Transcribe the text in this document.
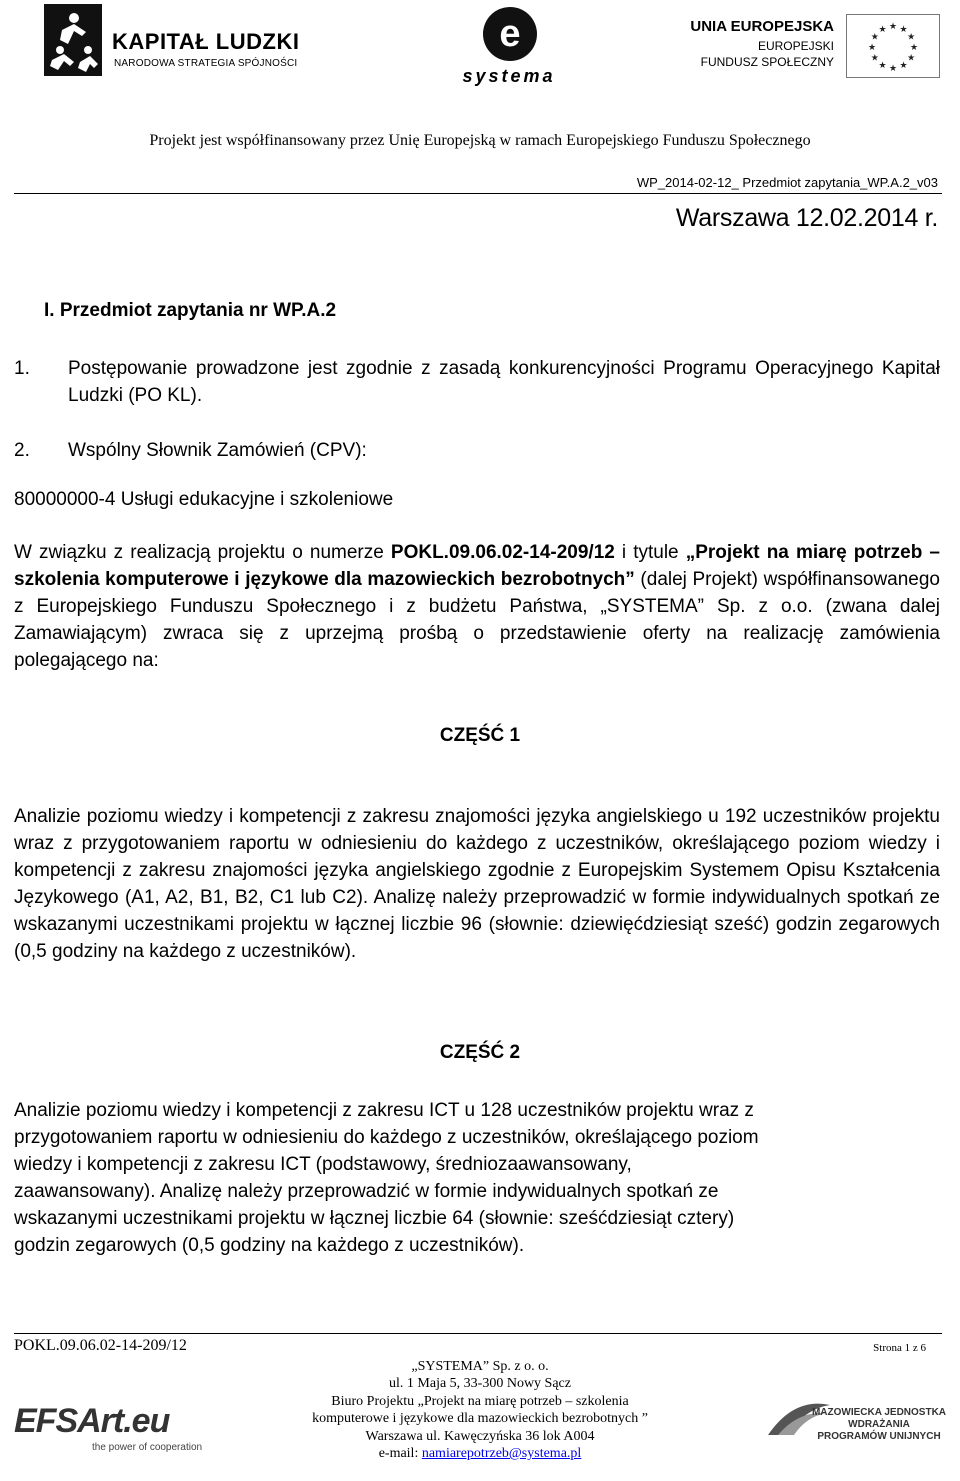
KAPITAŁ LUDZKI
NARODOWA STRATEGIA SPÓJNOŚCI
e
systema
UNIA EUROPEJSKA
EUROPEJSKI
FUNDUSZ SPOŁECZNY
★
★
★
★
★
★
★
★
★ ★ ★
★
Projekt jest współfinansowany przez Unię Europejską w ramach Europejskiego Funduszu Społecznego
WP_2014-02-12_ Przedmiot zapytania_WP.A.2_v03
Warszawa 12.02.2014 r.
I. Przedmiot zapytania nr WP.A.2
1. Postępowanie prowadzone jest zgodnie z zasadą konkurencyjności Programu Operacyjnego Kapitał Ludzki (PO KL).
2. Wspólny Słownik Zamówień (CPV):
80000000-4 Usługi edukacyjne i szkoleniowe
W związku z realizacją projektu o numerze POKL.09.06.02-14-209/12 i tytule „Projekt na miarę potrzeb – szkolenia komputerowe i językowe dla mazowieckich bezrobotnych” (dalej Projekt) współfinansowanego z Europejskiego Funduszu Społecznego i z budżetu Państwa, „SYSTEMA” Sp. z o.o. (zwana dalej Zamawiającym) zwraca się z uprzejmą prośbą o przedstawienie oferty na realizację zamówienia polegającego na:
CZĘŚĆ 1
Analizie poziomu wiedzy i kompetencji z zakresu znajomości języka angielskiego u 192 uczestników projektu wraz z przygotowaniem raportu w odniesieniu do każdego z uczestników, określającego poziom wiedzy i kompetencji z zakresu znajomości języka angielskiego zgodnie z Europejskim Systemem Opisu Kształcenia Językowego (A1, A2, B1, B2, C1 lub C2). Analizę należy przeprowadzić w formie indywidualnych spotkań ze wskazanymi uczestnikami projektu w łącznej liczbie 96 (słownie: dziewięćdziesiąt sześć) godzin zegarowych (0,5 godziny na każdego z uczestników).
CZĘŚĆ 2
Analizie poziomu wiedzy i kompetencji z zakresu ICT u 128 uczestników projektu wraz z
przygotowaniem raportu w odniesieniu do każdego z uczestników, określającego poziom
wiedzy i kompetencji z zakresu ICT (podstawowy, średniozaawansowany,
zaawansowany). Analizę należy przeprowadzić w formie indywidualnych spotkań ze
wskazanymi uczestnikami projektu w łącznej liczbie 64 (słownie: sześćdziesiąt cztery)
godzin zegarowych (0,5 godziny na każdego z uczestników).
POKL.09.06.02-14-209/12	Strona 1 z 6
„SYSTEMA” Sp. z o. o.
ul. 1 Maja 5, 33-300 Nowy Sącz
Biuro Projektu „Projekt na miarę potrzeb – szkolenia
komputerowe i językowe dla mazowieckich bezrobotnych ”
Warszawa ul. Kawęczyńska 36 lok A004
e-mail: namiarepotrzeb@systema.pl
EFSArt.eu
the power of cooperation
MAZOWIECKA JEDNOSTKA
WDRAŻANIA
PROGRAMÓW UNIJNYCH
